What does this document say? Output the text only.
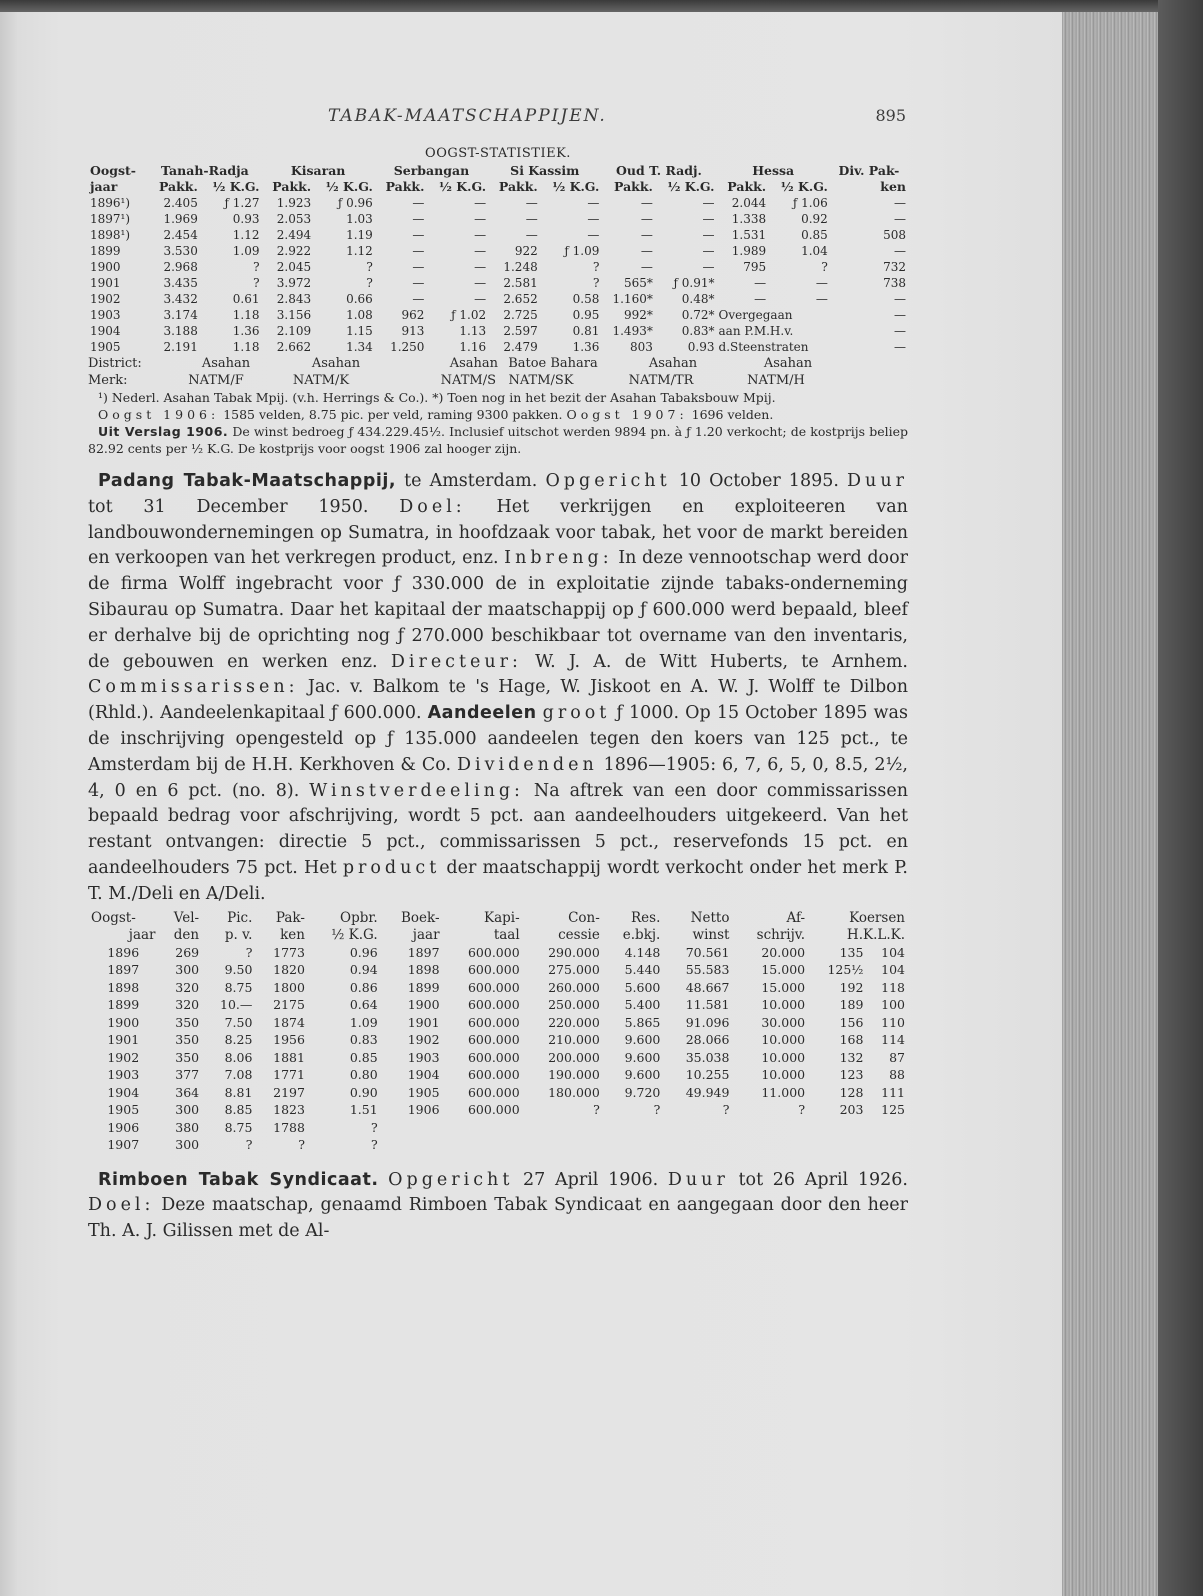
TABAK-MAATSCHAPPIJEN.	895
OOGST-STATISTIEK.
Oogst-	Tanah-Radja		Kisaran		Serbangan		Si Kassim		Oud T. Radj.		Hessa		Div. Pak-
jaar	Pakk.	½ K.G.	Pakk.	½ K.G.	Pakk.	½ K.G.	Pakk.	½ K.G.	Pakk.	½ K.G.	Pakk.	½ K.G.	ken
1896¹)	2.405	ƒ 1.27	1.923	ƒ 0.96	—	—	—	—	—	—	2.044	ƒ 1.06	—
1897¹)	1.969	0.93	2.053	1.03	—	—	—	—	—	—	1.338	0.92	—
1898¹)	2.454	1.12	2.494	1.19	—	—	—	—	—	—	1.531	0.85	508
1899	3.530	1.09	2.922	1.12	—	—	922	ƒ 1.09	—	—	1.989	1.04	—
1900	2.968	?	2.045	?	—	—	1.248	?	—	—	795	?	732
1901	3.435	?	3.972	?	—	—	2.581	?	565*	ƒ 0.91*	—	—	738
1902	3.432	0.61	2.843	0.66	—	—	2.652	0.58	1.160*	0.48*	—	—	—
1903	3.174	1.18	3.156	1.08	962	ƒ 1.02	2.725	0.95	992*	0.72*	Overgegaan		—
1904	3.188	1.36	2.109	1.15	913	1.13	2.597	0.81	1.493*	0.83*	aan P.M.H.v.		—
1905	2.191	1.18	2.662	1.34	1.250	1.16	2.479	1.36	803	0.93	d.Steenstraten		—
District:	Asahan	Asahan	Asahan Batoe Bahara	Asahan	Asahan
Merk:	NATM/F	NATM/K	NATM/S NATM/SK	NATM/TR	NATM/H

¹) Nederl. Asahan Tabak Mpij. (v.h. Herrings & Co.). *) Toen nog in het bezit der Asahan Tabaksbouw Mpij.

Oogst 1906: 1585 velden, 8.75 pic. per veld, raming 9300 pakken. Oogst 1907: 1696 velden.

Uit Verslag 1906. De winst bedroeg ƒ 434.229.45½. Inclusief uitschot werden 9894 pn. à ƒ 1.20 verkocht; de kostprijs beliep 82.92 cents per ½ K.G. De kostprijs voor oogst 1906 zal hooger zijn.

Padang Tabak-Maatschappij, te Amsterdam. Opgericht 10 October 1895. Duur tot 31 December 1950. Doel: Het verkrijgen en exploiteeren van landbouwondernemingen op Sumatra, in hoofdzaak voor tabak, het voor de markt bereiden en verkoopen van het verkregen product, enz. Inbreng: In deze vennootschap werd door de firma Wolff ingebracht voor ƒ 330.000 de in exploitatie zijnde tabaks-onderneming Sibaurau op Sumatra. Daar het kapitaal der maatschappij op ƒ 600.000 werd bepaald, bleef er derhalve bij de oprichting nog ƒ 270.000 beschikbaar tot overname van den inventaris, de gebouwen en werken enz. Directeur: W. J. A. de Witt Huberts, te Arnhem. Commissarissen: Jac. v. Balkom te 's Hage, W. Jiskoot en A. W. J. Wolff te Dilbon (Rhld.). Aandeelenkapitaal ƒ 600.000. Aandeelen groot ƒ 1000. Op 15 October 1895 was de inschrijving opengesteld op ƒ 135.000 aandeelen tegen den koers van 125 pct., te Amsterdam bij de H.H. Kerkhoven & Co. Dividenden 1896—1905: 6, 7, 6, 5, 0, 8.5, 2½, 4, 0 en 6 pct. (no. 8). Winstverdeeling: Na aftrek van een door commissarissen bepaald bedrag voor afschrijving, wordt 5 pct. aan aandeelhouders uitgekeerd. Van het restant ontvangen: directie 5 pct., commissarissen 5 pct., reservefonds 15 pct. en aandeelhouders 75 pct. Het product der maatschappij wordt verkocht onder het merk P. T. M./Deli en A/Deli.

Oogst-	Vel-	Pic.	Pak-	Opbr.	Boek-	Kapi-	Con-	Res.	Netto	Af-	Koersen	
jaar	den	p. v.	ken	½ K.G.	jaar	taal	cessie	e.bkj.	winst	schrijv.	H.K.L.K.	
1896	269	?	1773	0.96	1897	600.000	290.000	4.148	70.561	20.000	135	104
1897	300	9.50	1820	0.94	1898	600.000	275.000	5.440	55.583	15.000	125½	104
1898	320	8.75	1800	0.86	1899	600.000	260.000	5.600	48.667	15.000	192	118
1899	320	10.—	2175	0.64	1900	600.000	250.000	5.400	11.581	10.000	189	100
1900	350	7.50	1874	1.09	1901	600.000	220.000	5.865	91.096	30.000	156	110
1901	350	8.25	1956	0.83	1902	600.000	210.000	9.600	28.066	10.000	168	114
1902	350	8.06	1881	0.85	1903	600.000	200.000	9.600	35.038	10.000	132	87
1903	377	7.08	1771	0.80	1904	600.000	190.000	9.600	10.255	10.000	123	88
1904	364	8.81	2197	0.90	1905	600.000	180.000	9.720	49.949	11.000	128	111
1905	300	8.85	1823	1.51	1906	600.000	?	?	?	?	203	125
1906	380	8.75	1788	?								
1907	300	?	?	?								

Rimboen Tabak Syndicaat. Opgericht 27 April 1906. Duur tot 26 April 1926. Doel: Deze maatschap, genaamd Rimboen Tabak Syndicaat en aangegaan door den heer Th. A. J. Gilissen met de Al-
